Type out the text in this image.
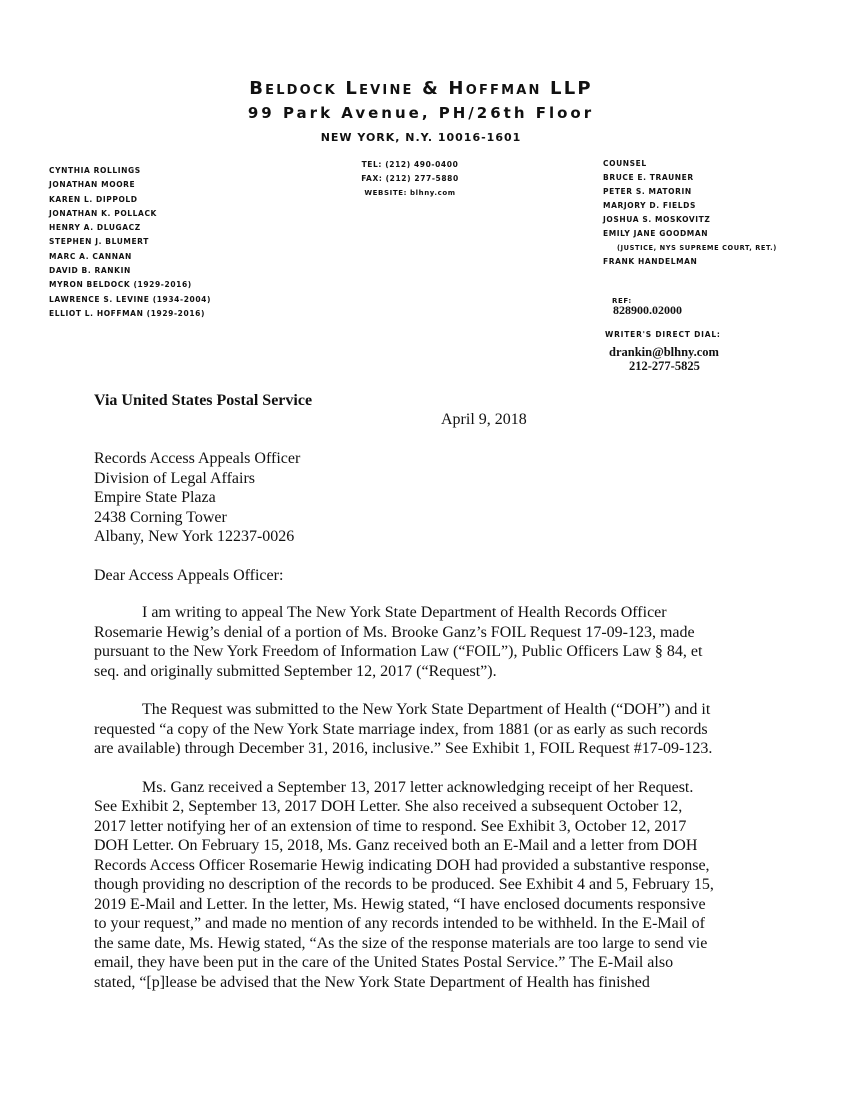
Beldock Levine & Hoffman LLP
99 Park Avenue, PH/26th Floor
NEW YORK, N.Y. 10016-1601
CYNTHIA ROLLINGS
JONATHAN MOORE
KAREN L. DIPPOLD
JONATHAN K. POLLACK
HENRY A. DLUGACZ
STEPHEN J. BLUMERT
MARC A. CANNAN
DAVID B. RANKIN
MYRON BELDOCK (1929-2016)
LAWRENCE S. LEVINE (1934-2004)
ELLIOT L. HOFFMAN (1929-2016)
TEL: (212) 490-0400
FAX: (212) 277-5880
WEBSITE: blhny.com
COUNSEL
BRUCE E. TRAUNER
PETER S. MATORIN
MARJORY D. FIELDS
JOSHUA S. MOSKOVITZ
EMILY JANE GOODMAN
(JUSTICE, NYS SUPREME COURT, RET.)
FRANK HANDELMAN
REF:
828900.02000
WRITER'S DIRECT DIAL:
drankin@blhny.com
212-277-5825
Via United States Postal Service
April 9, 2018
Records Access Appeals Officer
Division of Legal Affairs
Empire State Plaza
2438 Corning Tower
Albany, New York 12237-0026
Dear Access Appeals Officer:

I am writing to appeal The New York State Department of Health Records Officer
Rosemarie Hewig’s denial of a portion of Ms. Brooke Ganz’s FOIL Request 17-09-123, made
pursuant to the New York Freedom of Information Law (“FOIL”), Public Officers Law § 84, et
seq. and originally submitted September 12, 2017 (“Request”).

The Request was submitted to the New York State Department of Health (“DOH”) and it
requested “a copy of the New York State marriage index, from 1881 (or as early as such records
are available) through December 31, 2016, inclusive.” See Exhibit 1, FOIL Request #17-09-123.

Ms. Ganz received a September 13, 2017 letter acknowledging receipt of her Request.
See Exhibit 2, September 13, 2017 DOH Letter. She also received a subsequent October 12,
2017 letter notifying her of an extension of time to respond. See Exhibit 3, October 12, 2017
DOH Letter. On February 15, 2018, Ms. Ganz received both an E-Mail and a letter from DOH
Records Access Officer Rosemarie Hewig indicating DOH had provided a substantive response,
though providing no description of the records to be produced. See Exhibit 4 and 5, February 15,
2019 E-Mail and Letter. In the letter, Ms. Hewig stated, “I have enclosed documents responsive
to your request,” and made no mention of any records intended to be withheld. In the E-Mail of
the same date, Ms. Hewig stated, “As the size of the response materials are too large to send vie
email, they have been put in the care of the United States Postal Service.” The E-Mail also
stated, “[p]lease be advised that the New York State Department of Health has finished
